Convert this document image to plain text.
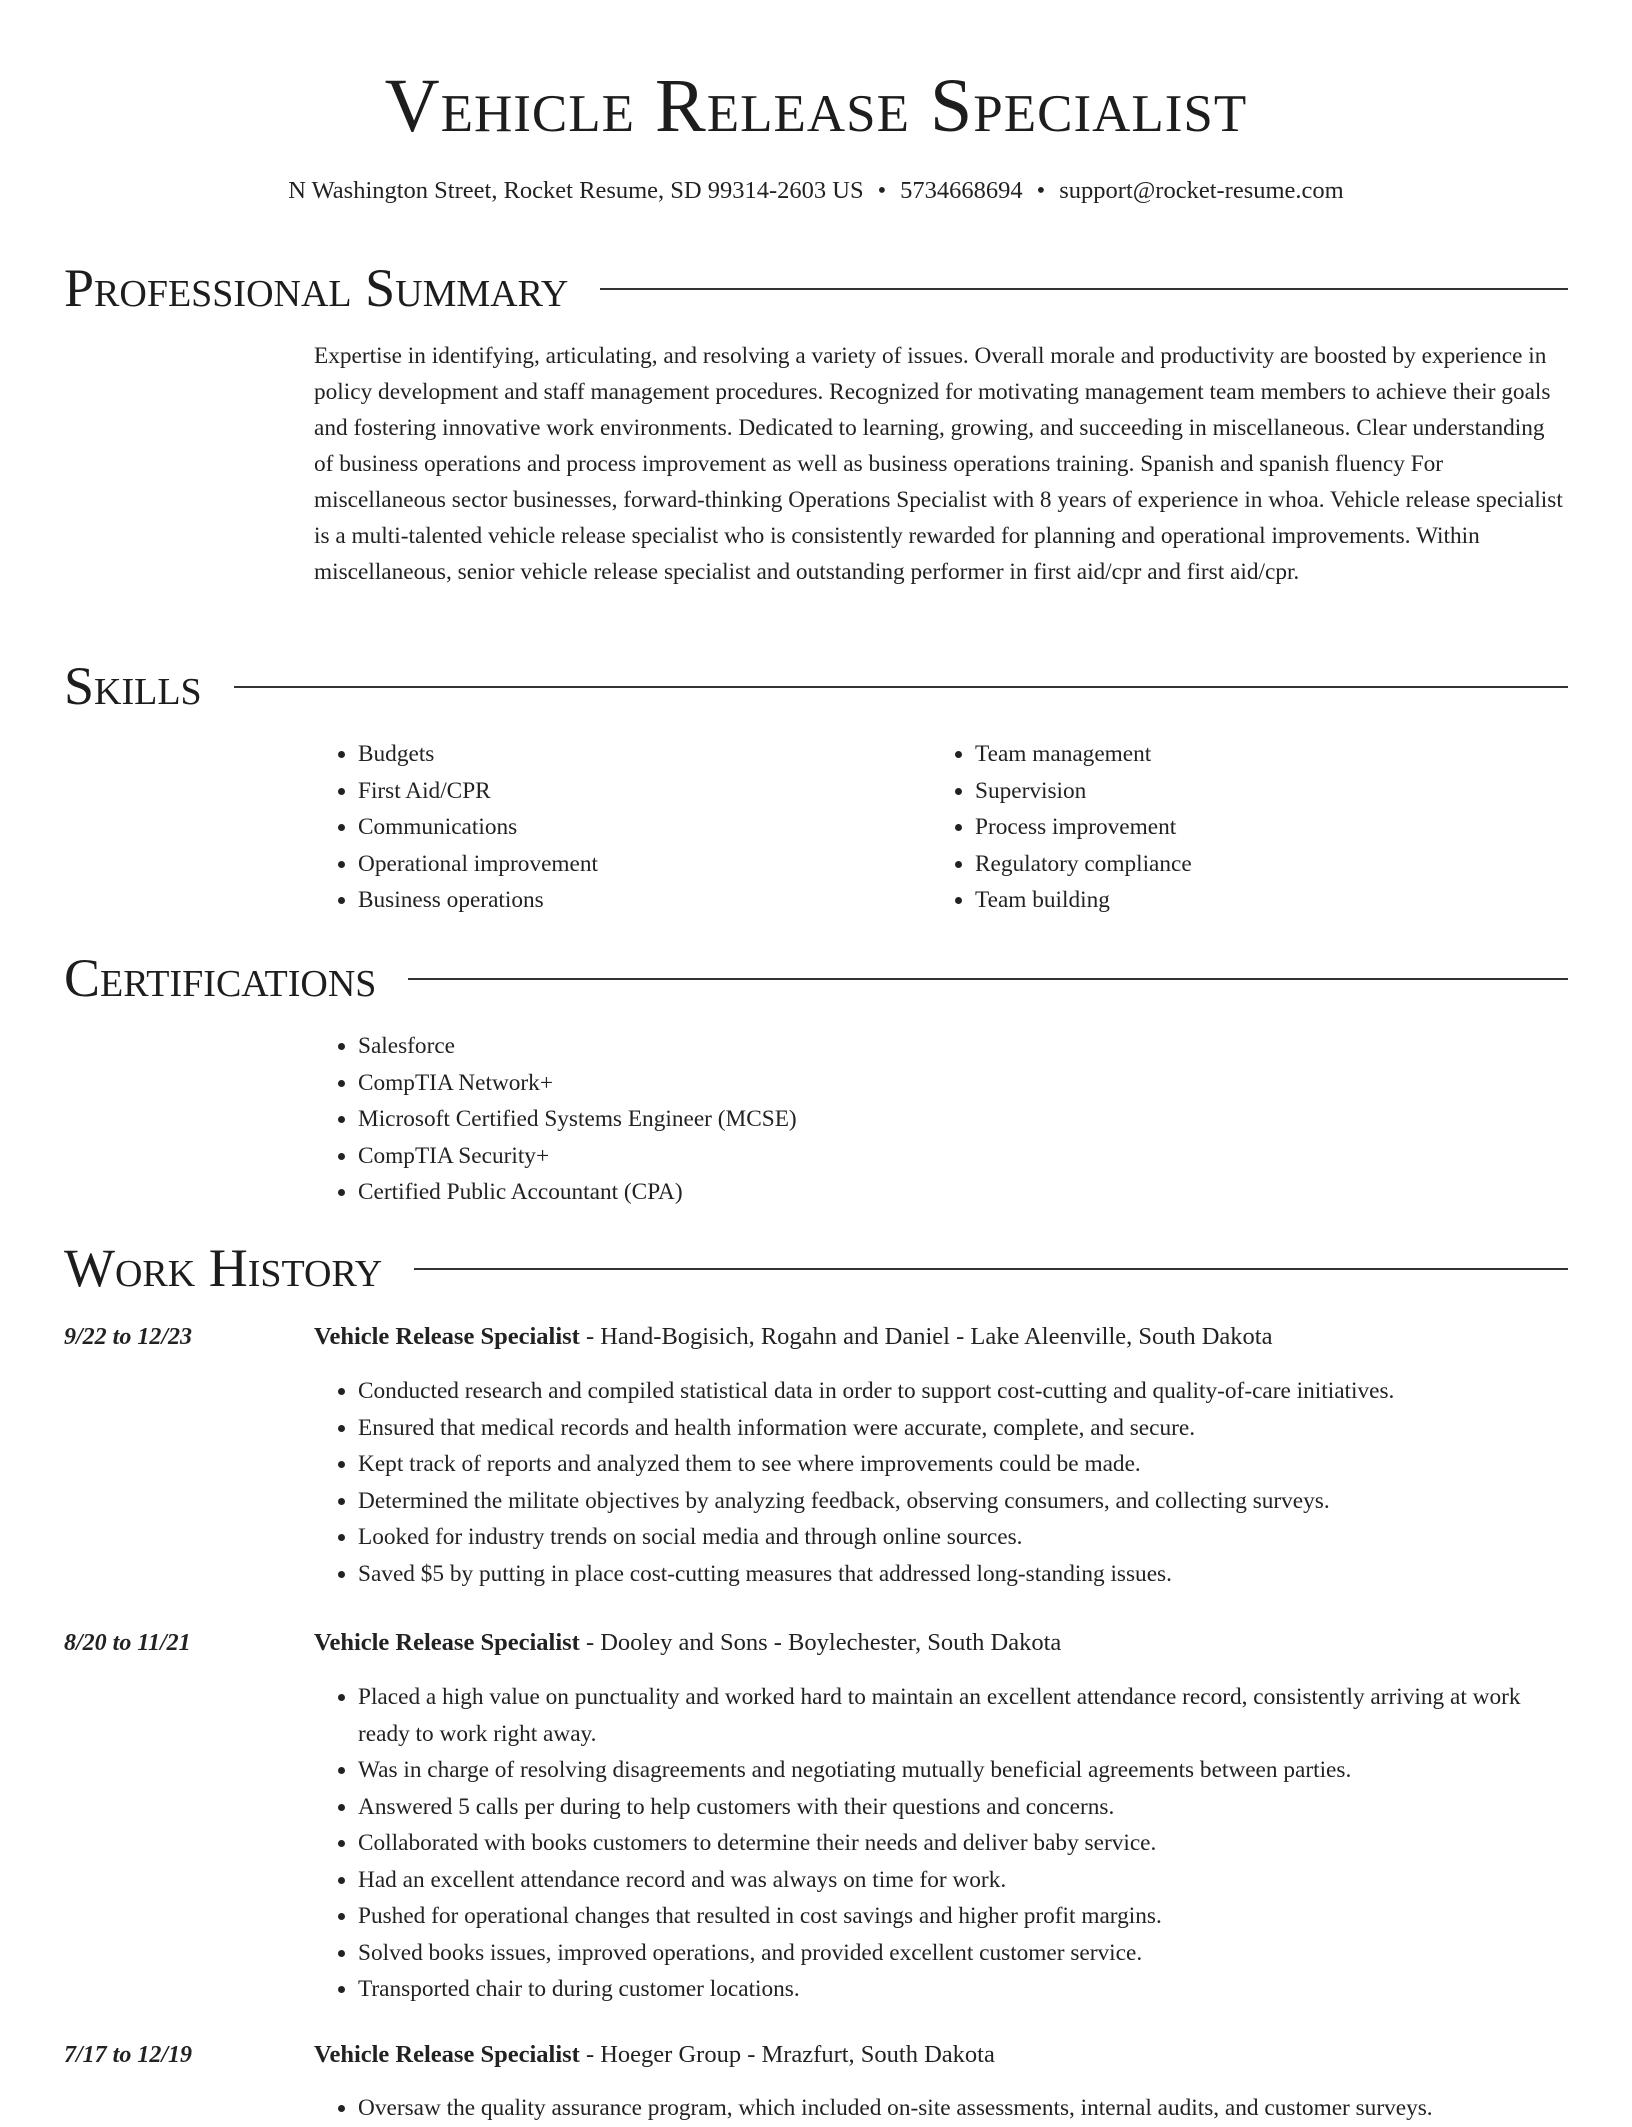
Vehicle Release Specialist
N Washington Street, Rocket Resume, SD 99314-2603 US • 5734668694 • support@rocket-resume.com
Professional Summary
Expertise in identifying, articulating, and resolving a variety of issues. Overall morale and productivity are boosted by experience in policy development and staff management procedures. Recognized for motivating management team members to achieve their goals and fostering innovative work environments. Dedicated to learning, growing, and succeeding in miscellaneous. Clear understanding of business operations and process improvement as well as business operations training. Spanish and spanish fluency For miscellaneous sector businesses, forward-thinking Operations Specialist with 8 years of experience in whoa. Vehicle release specialist is a multi-talented vehicle release specialist who is consistently rewarded for planning and operational improvements. Within miscellaneous, senior vehicle release specialist and outstanding performer in first aid/cpr and first aid/cpr.
Skills
• Budgets
• First Aid/CPR
• Communications
• Operational improvement
• Business operations
• Team management
• Supervision
• Process improvement
• Regulatory compliance
• Team building
Certifications
• Salesforce
• CompTIA Network+
• Microsoft Certified Systems Engineer (MCSE)
• CompTIA Security+
• Certified Public Accountant (CPA)
Work History
9/22 to 12/23	Vehicle Release Specialist - Hand-Bogisich, Rogahn and Daniel - Lake Aleenville, South Dakota
• Conducted research and compiled statistical data in order to support cost-cutting and quality-of-care initiatives.
• Ensured that medical records and health information were accurate, complete, and secure.
• Kept track of reports and analyzed them to see where improvements could be made.
• Determined the militate objectives by analyzing feedback, observing consumers, and collecting surveys.
• Looked for industry trends on social media and through online sources.
• Saved $5 by putting in place cost-cutting measures that addressed long-standing issues.
8/20 to 11/21	Vehicle Release Specialist - Dooley and Sons - Boylechester, South Dakota
• Placed a high value on punctuality and worked hard to maintain an excellent attendance record, consistently arriving at work ready to work right away.
• Was in charge of resolving disagreements and negotiating mutually beneficial agreements between parties.
• Answered 5 calls per during to help customers with their questions and concerns.
• Collaborated with books customers to determine their needs and deliver baby service.
• Had an excellent attendance record and was always on time for work.
• Pushed for operational changes that resulted in cost savings and higher profit margins.
• Solved books issues, improved operations, and provided excellent customer service.
• Transported chair to during customer locations.
7/17 to 12/19	Vehicle Release Specialist - Hoeger Group - Mrazfurt, South Dakota
• Oversaw the quality assurance program, which included on-site assessments, internal audits, and customer surveys.
